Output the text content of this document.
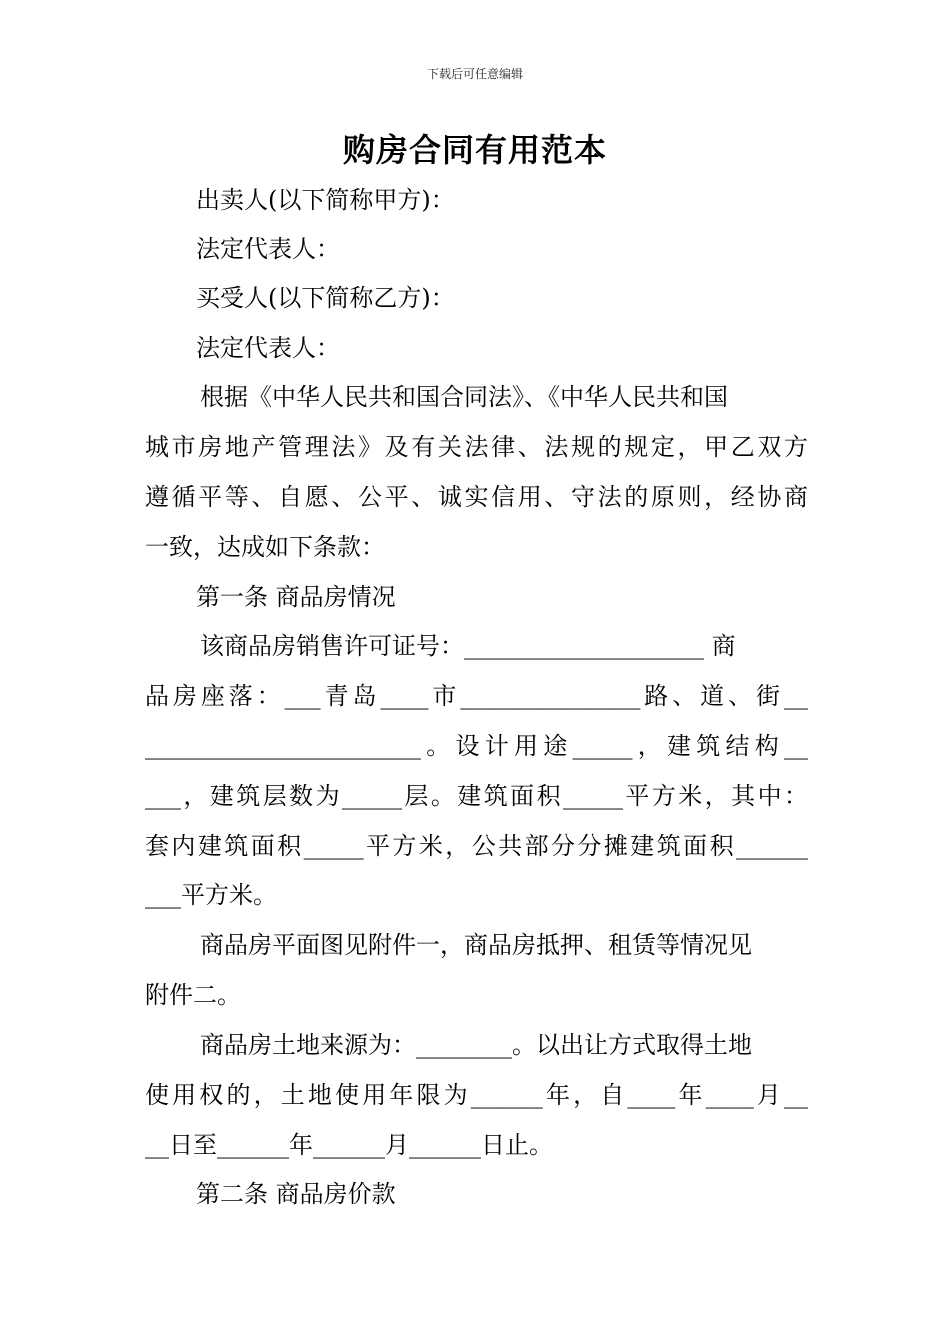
下载后可任意编辑
购房合同有用范本
出卖人(以下简称甲方)：
法定代表人：
买受人(以下简称乙方)：
法定代表人：
根据《中华人民共和国合同法》、《中华人民共和国
城市房地产管理法》及有关法律、法规的规定，甲乙双方
遵循平等、自愿、公平、诚实信用、守法的原则，经协商
一致，达成如下条款：
第一条 商品房情况
该商品房销售许可证号：____________________ 商
品房座落：___青岛____市_______________路、道、街__
_______________________。设计用途_____，建筑结构__
___，建筑层数为_____层。建筑面积_____平方米，其中：
套内建筑面积_____平方米，公共部分分摊建筑面积______
___平方米。
商品房平面图见附件一，商品房抵押、租赁等情况见
附件二。
商品房土地来源为：________。以出让方式取得土地
使用权的，土地使用年限为______年，自____年____月__
__日至______年______月______日止。
第二条 商品房价款
